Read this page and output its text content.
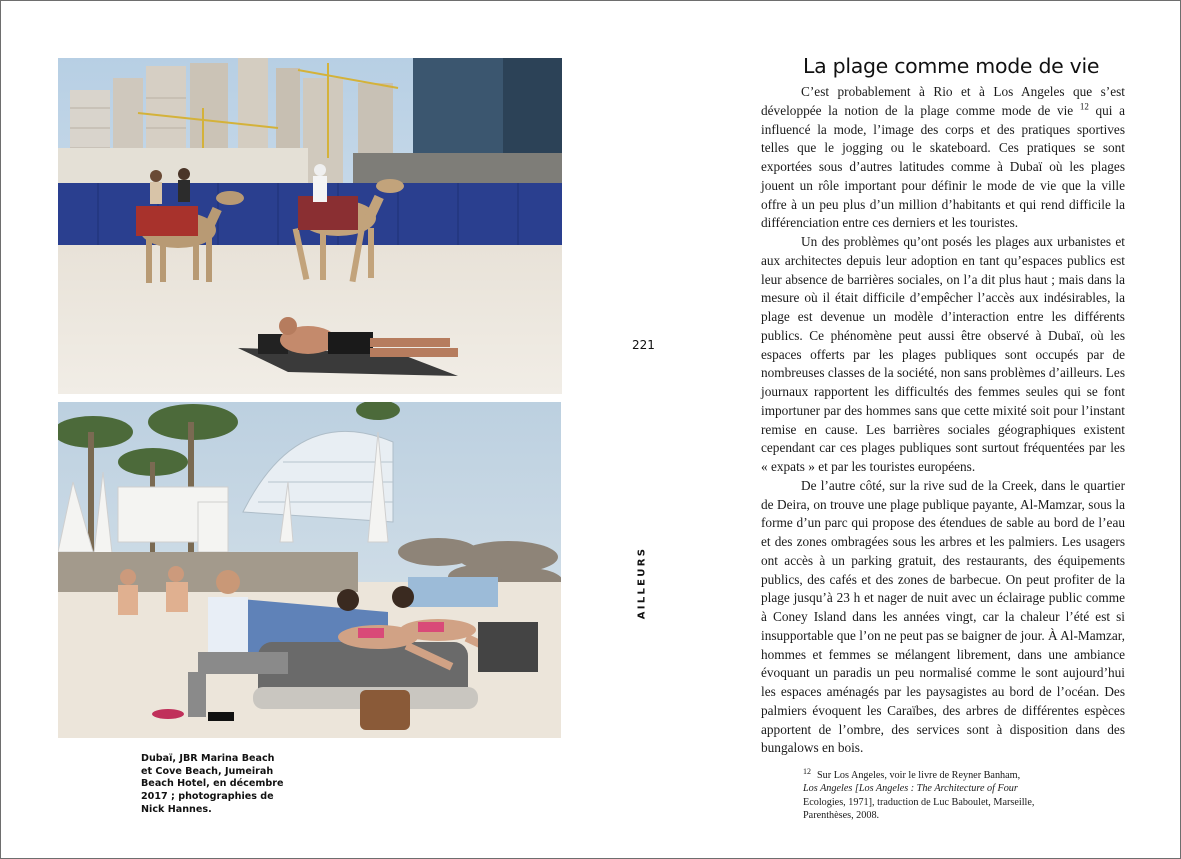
Dubaï, JBR Marina Beach
et Cove Beach, Jumeirah
Beach Hotel, en décembre
2017 ; photographies de
Nick Hannes.
221
AILLEURS
La plage comme mode de vie

C’est probablement à Rio et à Los Angeles que s’est développée la notion de la plage comme mode de vie $^{12}$ qui a influencé la mode, l’image des corps et des pratiques sportives telles que le jogging ou le skateboard. Ces pratiques se sont exportées sous d’autres latitudes comme à Dubaï où les plages jouent un rôle important pour définir le mode de vie que la ville offre à un peu plus d’un million d’habitants et qui rend difficile la différenciation entre ces derniers et les touristes.

Un des problèmes qu’ont posés les plages aux urbanistes et aux architectes depuis leur adoption en tant qu’espaces publics est leur absence de barrières sociales, on l’a dit plus haut ; mais dans la mesure où il était difficile d’empêcher l’accès aux indésirables, la plage est devenue un modèle d’interaction entre les différents publics. Ce phénomène peut aussi être observé à Dubaï, où les espaces offerts par les plages publiques sont occupés par de nombreuses classes de la société, non sans problèmes d’ailleurs. Les journaux rapportent les difficultés des femmes seules qui se font importuner par des hommes sans que cette mixité soit pour l’instant remise en cause. Les barrières sociales géographiques existent cependant car ces plages publiques sont surtout fréquentées par les « expats » et par les touristes européens.

De l’autre côté, sur la rive sud de la Creek, dans le quartier de Deira, on trouve une plage publique payante, Al-Mamzar, sous la forme d’un parc qui propose des étendues de sable au bord de l’eau et des zones ombragées sous les arbres et les palmiers. Les usagers ont accès à un parking gratuit, des restaurants, des équipements publics, des cafés et des zones de barbecue. On peut profiter de la plage jusqu’à 23 h et nager de nuit avec un éclairage public comme à Coney Island dans les années vingt, car la chaleur l’été est si insupportable que l’on ne peut pas se baigner de jour. À Al-Mamzar, hommes et femmes se mélangent librement, dans une ambiance évoquant un paradis un peu normalisé comme le sont aujourd’hui les espaces aménagés par les paysagistes au bord de l’océan. Des palmiers évoquent les Caraïbes, des arbres de différentes espèces apportent de l’ombre, des services sont à disposition dans des bungalows en bois.

$^{12}$ Sur Los Angeles, voir le livre de Reyner Banham,
Los Angeles [Los Angeles : The Architecture of Four
Ecologies, 1971], traduction de Luc Baboulet, Marseille,
Parenthèses, 2008.
